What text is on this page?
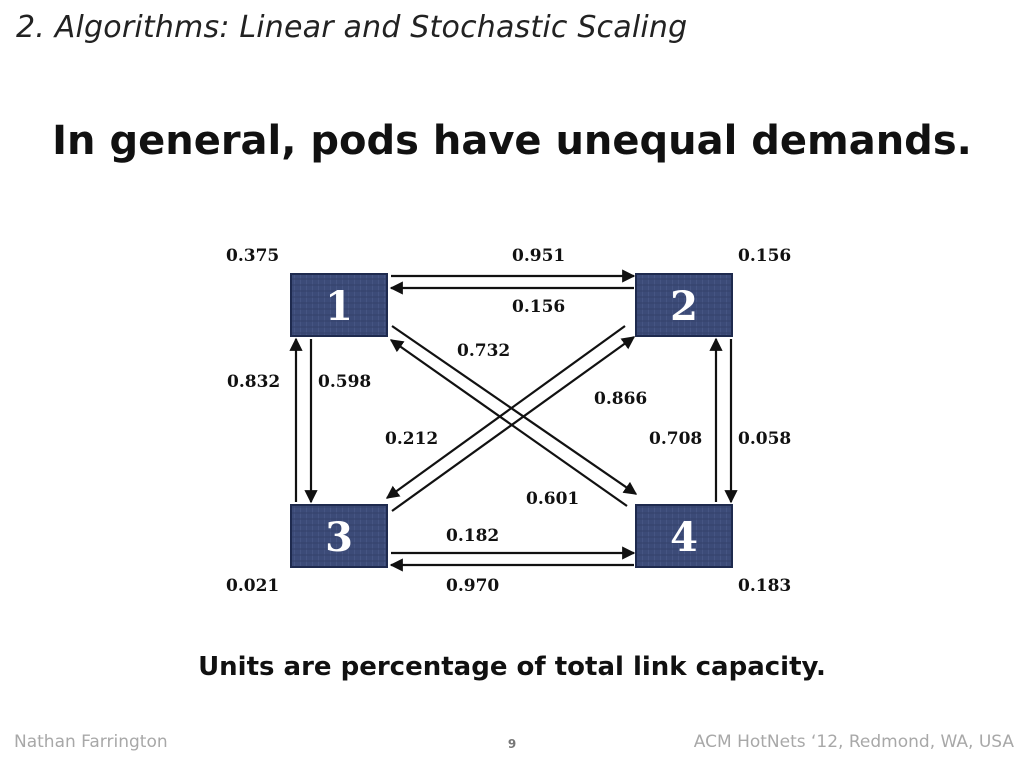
2. Algorithms: Linear and Stochastic Scaling
In general, pods have unequal demands.
1	2
3	4
0.375	0.156
0.021	0.183
0.951
0.156
0.182
0.970
0.598
0.832
0.058
0.708
0.601
0.732
0.212
0.866
Units are percentage of total link capacity.
Nathan Farrington	9	ACM HotNets ‘12, Redmond, WA, USA
